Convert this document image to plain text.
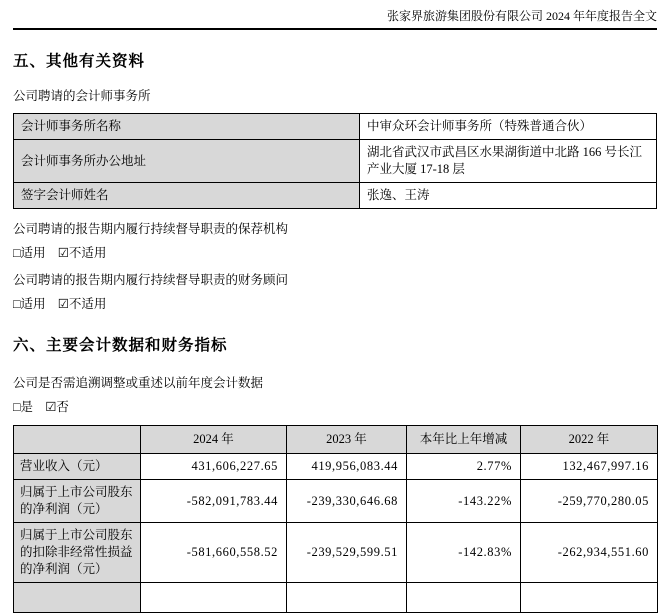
张家界旅游集团股份有限公司 2024 年年度报告全文
五、其他有关资料
公司聘请的会计师事务所
会计师事务所名称	中审众环会计师事务所（特殊普通合伙）
会计师事务所办公地址	湖北省武汉市武昌区水果湖街道中北路 166 号长江产业大厦 17-18 层
签字会计师姓名	张逸、王涛
公司聘请的报告期内履行持续督导职责的保荐机构
□适用 ☑不适用
公司聘请的报告期内履行持续督导职责的财务顾问
□适用 ☑不适用
六、主要会计数据和财务指标
公司是否需追溯调整或重述以前年度会计数据
□是 ☑否
	2024 年	2023 年	本年比上年增减	2022 年
营业收入（元）	431,606,227.65	419,956,083.44	2.77%	132,467,997.16
归属于上市公司股东的净利润（元）	-582,091,783.44	-239,330,646.68	-143.22%	-259,770,280.05
归属于上市公司股东的扣除非经常性损益的净利润（元）	-581,660,558.52	-239,529,599.51	-142.83%	-262,934,551.60
